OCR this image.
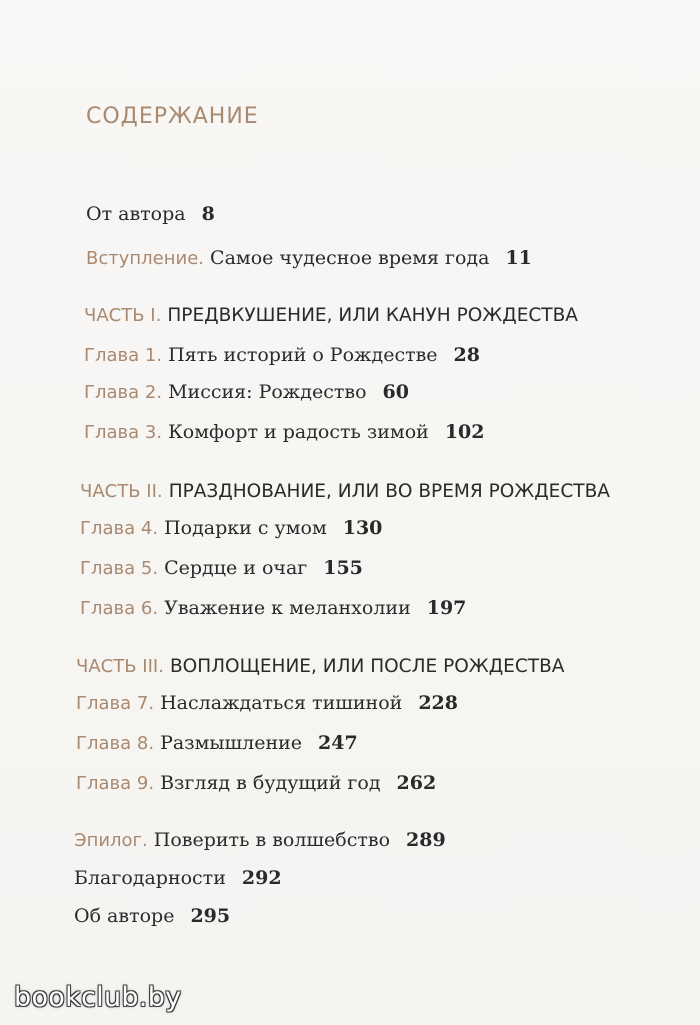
СОДЕРЖАНИЕ
От автора 8
Вступление. Самое чудесное время года 11
ЧАСТЬ I. ПРЕДВКУШЕНИЕ, ИЛИ КАНУН РОЖДЕСТВА
Глава 1. Пять историй о Рождестве 28
Глава 2. Миссия: Рождество 60
Глава 3. Комфорт и радость зимой 102
ЧАСТЬ II. ПРАЗДНОВАНИЕ, ИЛИ ВО ВРЕМЯ РОЖДЕСТВА
Глава 4. Подарки с умом 130
Глава 5. Сердце и очаг 155
Глава 6. Уважение к меланхолии 197
ЧАСТЬ III. ВОПЛОЩЕНИЕ, ИЛИ ПОСЛЕ РОЖДЕСТВА
Глава 7. Наслаждаться тишиной 228
Глава 8. Размышление 247
Глава 9. Взгляд в будущий год 262
Эпилог. Поверить в волшебство 289
Благодарности 292
Об авторе 295
bookclub.by
